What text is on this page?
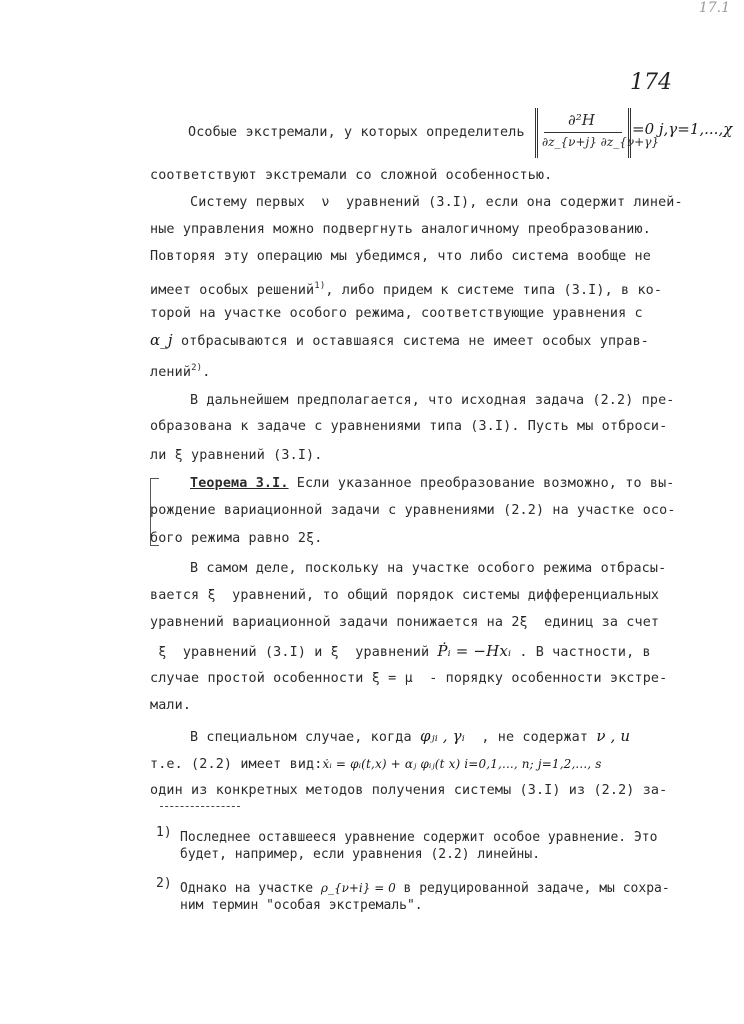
17.1
174
Особые экстремали, у которых определитель
∂²H
∂z_{ν+j} ∂z_{ν+γ}
=0 j,γ=1,...,χ
соответствуют экстремали со сложной особенностью.
Систему первых  ν  уравнений (3.I), если она содержит линей-
ные управления можно подвергнуть аналогичному преобразованию.
Повторяя эту операцию мы убедимся, что либо система вообще не
имеет особых решений$^{1)}$, либо придем к системе типа (3.I), в ко-
торой на участке особого режима, соответствующие уравнения с
α_j отбрасываются и оставшаяся система не имеет особых управ-
лений$^{2)}$.
В дальнейшем предполагается, что исходная задача (2.2) пре-
образована к задаче с уравнениями типа (3.I). Пусть мы отброси-
ли ξ уравнений (3.I).
Теорема 3.I. Если указанное преобразование возможно, то вы-
рождение вариационной задачи с уравнениями (2.2) на участке осо-
бого режима равно 2ξ.
В самом деле, поскольку на участке особого режима отбрасы-
вается ξ  уравнений, то общий порядок системы дифференциальных
уравнений вариационной задачи понижается на 2ξ  единиц за счет
ξ  уравнений (3.I) и ξ  уравнений Ṗᵢ = −Hxᵢ . В частности, в
случае простой особенности ξ = μ  - порядку особенности экстре-
мали.
В специальном случае, когда φⱼᵢ , γᵢ  , не содержат ν , u
т.е. (2.2) имеет вид:ẋᵢ = φᵢ(t,x) + αⱼ φᵢⱼ(t x) i=0,1,..., n; j=1,2,..., s
один из конкретных методов получения системы (3.I) из (2.2) за-
1) Последнее оставшееся уравнение содержит особое уравнение. Это
будет, например, если уравнения (2.2) линейны.
2) Однако на участке ρ_{ν+i} = 0 в редуцированной задаче, мы сохра-
ним термин "особая экстремаль".
